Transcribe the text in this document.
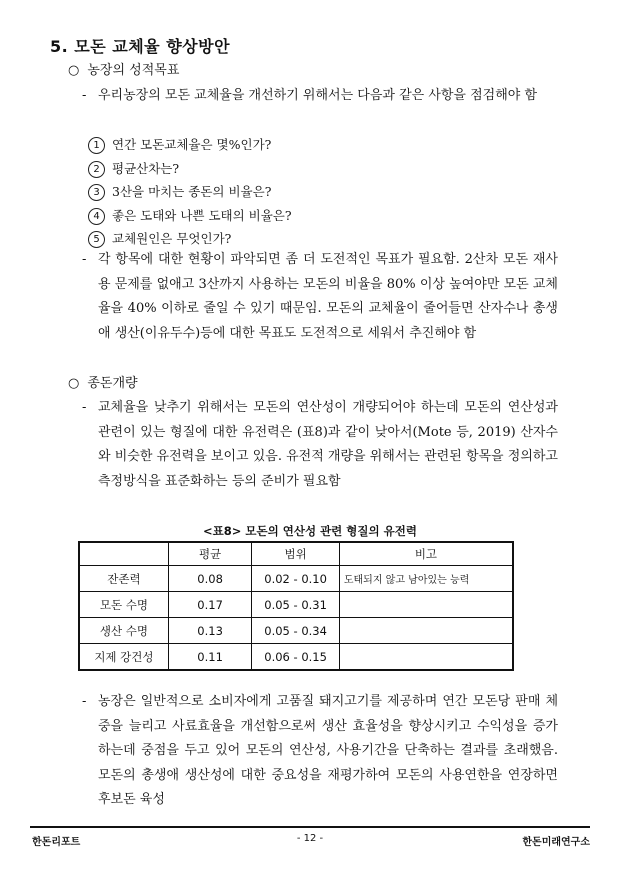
5. 모돈 교체율 향상방안
○ 농장의 성적목표
- 우리농장의 모돈 교체율을 개선하기 위해서는 다음과 같은 사항을 점검해야 함
1 연간 모돈교체율은 몇%인가?
2 평균산차는?
3 3산을 마치는 종돈의 비율은?
4 좋은 도태와 나쁜 도태의 비율은?
5 교체원인은 무엇인가?
- 각 항목에 대한 현황이 파악되면 좀 더 도전적인 목표가 필요함. 2산차 모돈 재사용 문제를 없애고 3산까지 사용하는 모돈의 비율을 80% 이상 높여야만 모돈 교체율을 40% 이하로 줄일 수 있기 때문임. 모돈의 교체율이 줄어들면 산자수나 총생애 생산(이유두수)등에 대한 목표도 도전적으로 세워서 추진해야 함
○ 종돈개량
- 교체율을 낮추기 위해서는 모돈의 연산성이 개량되어야 하는데 모돈의 연산성과 관련이 있는 형질에 대한 유전력은 (표8)과 같이 낮아서(Mote 등, 2019) 산자수와 비슷한 유전력을 보이고 있음. 유전적 개량을 위해서는 관련된 항목을 정의하고 측정방식을 표준화하는 등의 준비가 필요함
<표8> 모돈의 연산성 관련 형질의 유전력
	평균	범위	비고
잔존력	0.08	0.02 - 0.10	도태되지 않고 남아있는 능력
모돈 수명	0.17	0.05 - 0.31	
생산 수명	0.13	0.05 - 0.34	
지제 강건성	0.11	0.06 - 0.15	
- 농장은 일반적으로 소비자에게 고품질 돼지고기를 제공하며 연간 모돈당 판매 체중을 늘리고 사료효율을 개선함으로써 생산 효율성을 향상시키고 수익성을 증가하는데 중점을 두고 있어 모돈의 연산성, 사용기간을 단축하는 결과를 초래했음. 모돈의 총생애 생산성에 대한 중요성을 재평가하여 모돈의 사용연한을 연장하면 후보돈 육성
한돈리포트	- 12 -	한돈미래연구소
